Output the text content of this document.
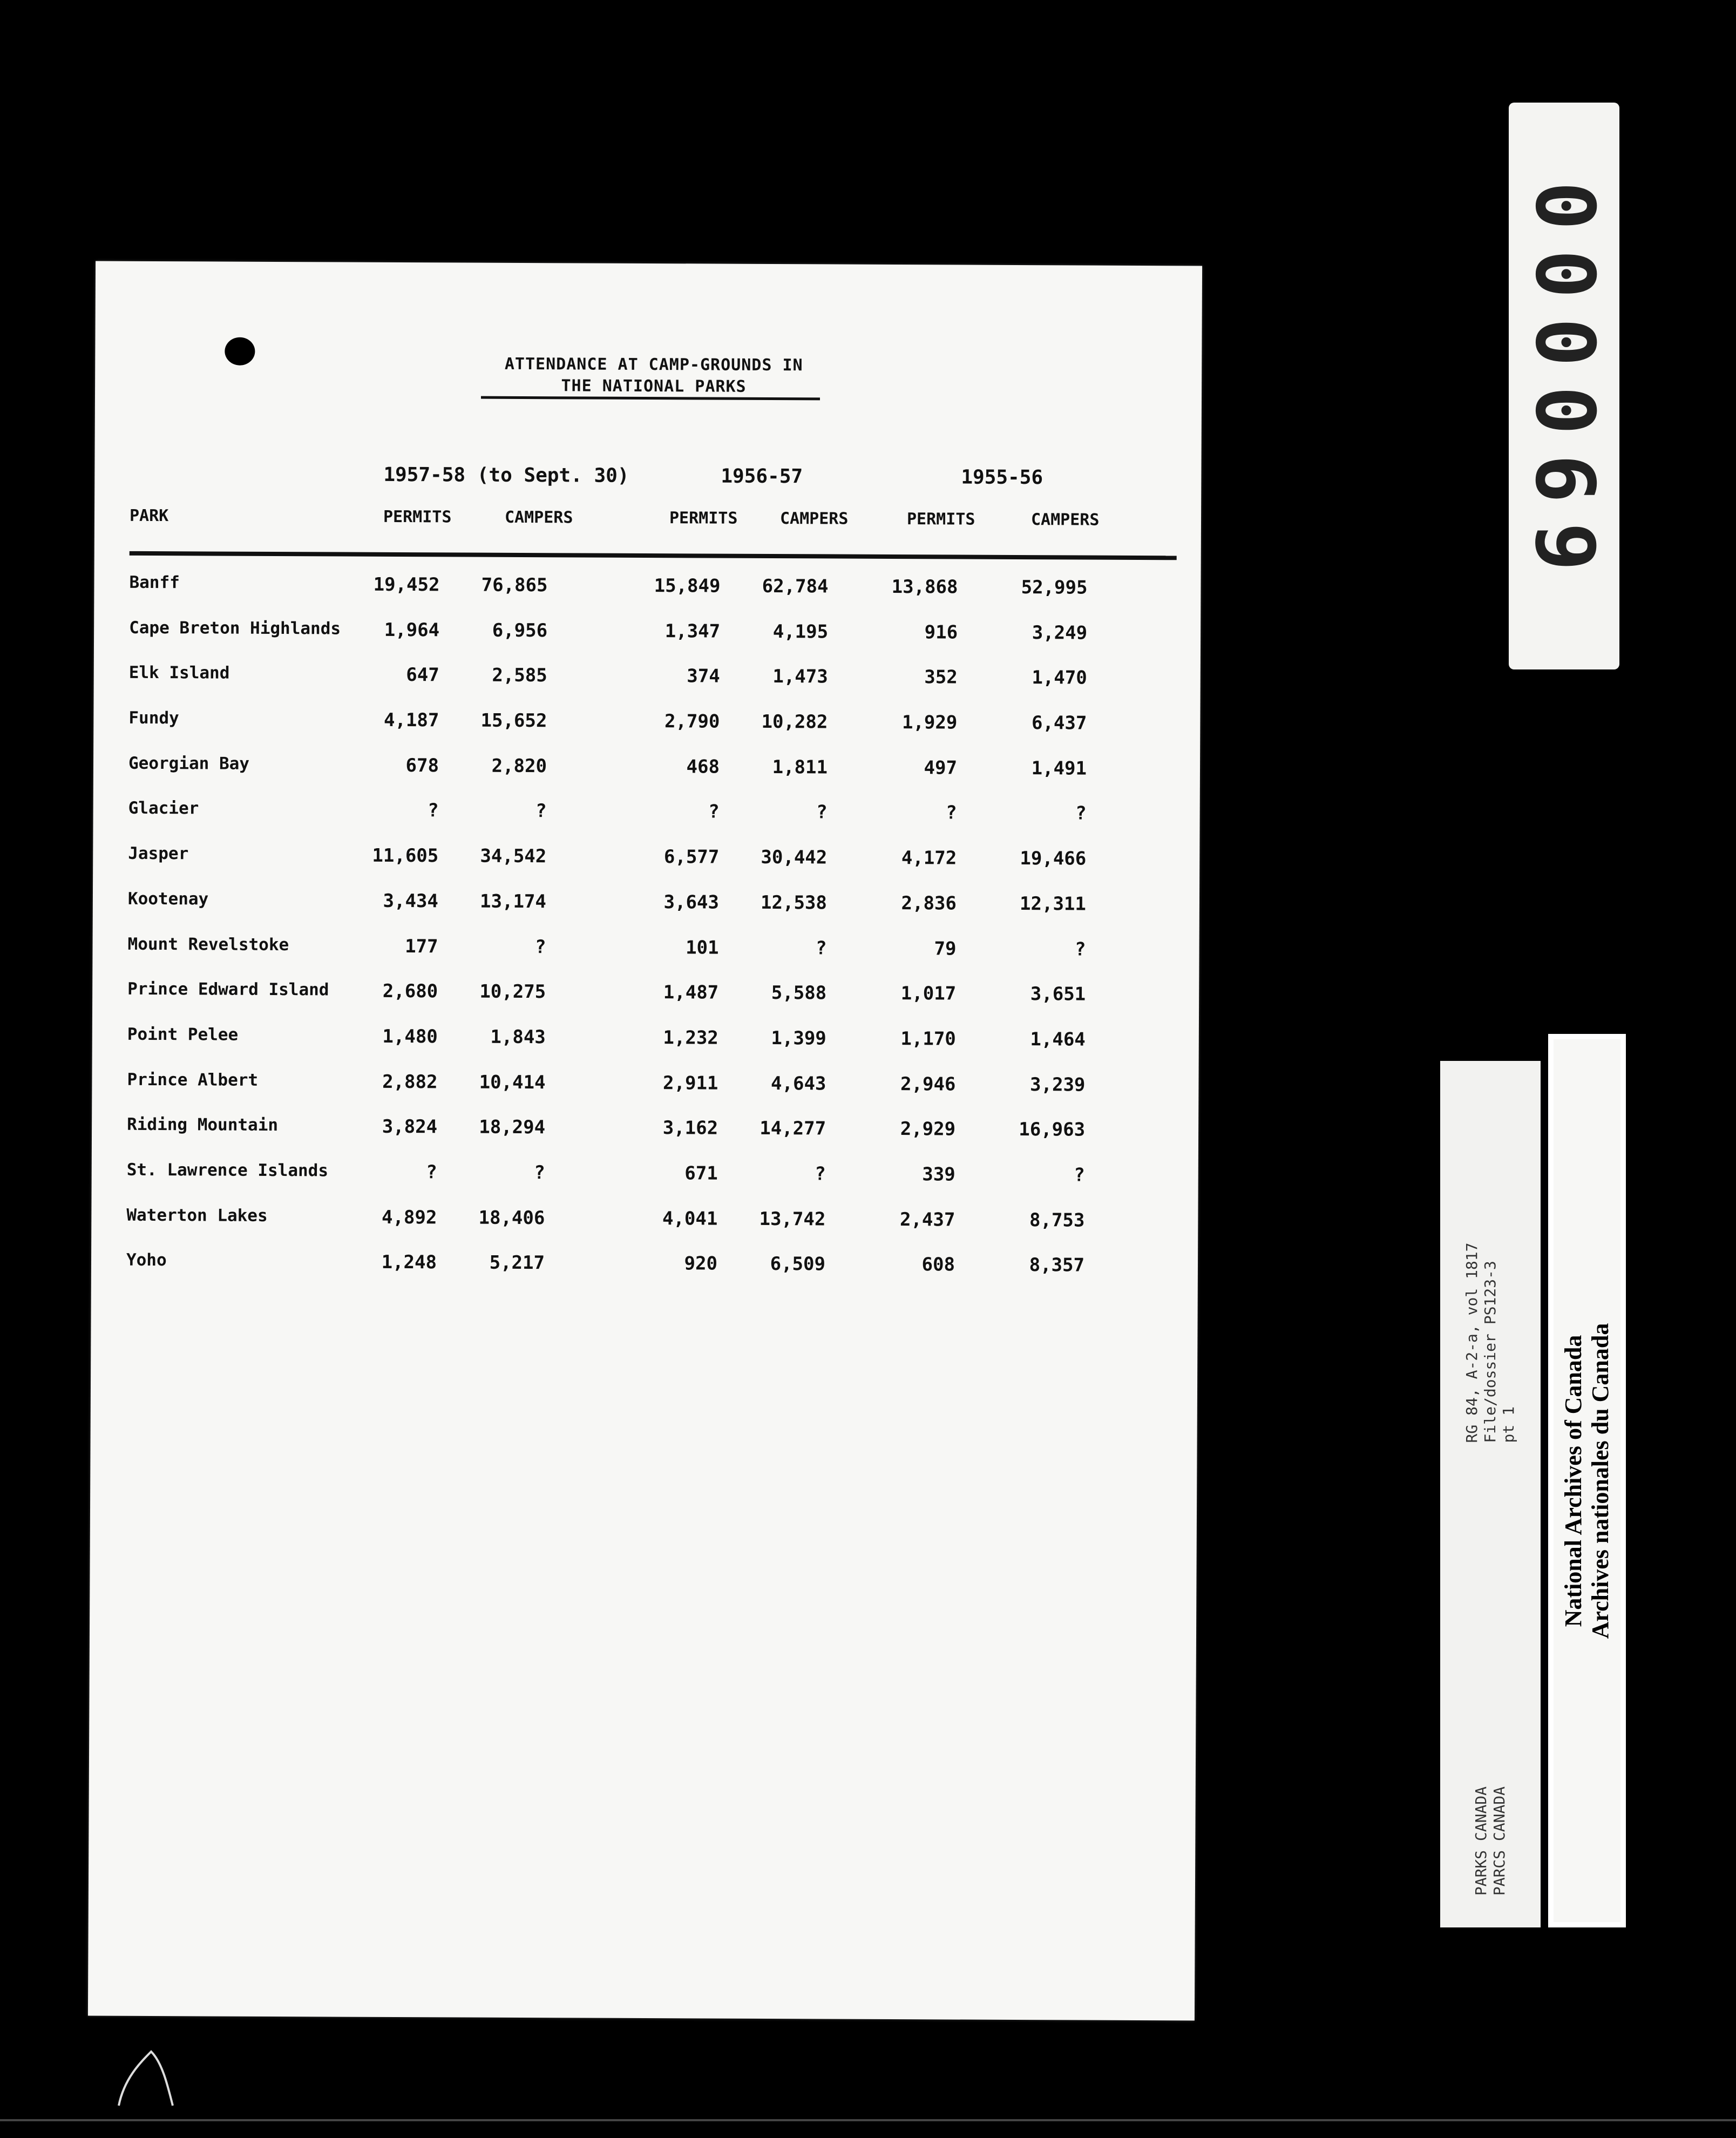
ATTENDANCE AT CAMP-GROUNDS IN
THE NATIONAL PARKS
1957-58 (to Sept. 30)	1956-57	1955-56
PARK	PERMITS	CAMPERS	PERMITS	CAMPERS	PERMITS	CAMPERS
Banff	19,452	76,865	15,849	62,784	13,868	52,995
Cape Breton Highlands	1,964	6,956	1,347	4,195	916	3,249
Elk Island	647	2,585	374	1,473	352	1,470
Fundy	4,187	15,652	2,790	10,282	1,929	6,437
Georgian Bay	678	2,820	468	1,811	497	1,491
Glacier	?	?	?	?	?	?
Jasper	11,605	34,542	6,577	30,442	4,172	19,466
Kootenay	3,434	13,174	3,643	12,538	2,836	12,311
Mount Revelstoke	177	?	101	?	79	?
Prince Edward Island	2,680	10,275	1,487	5,588	1,017	3,651
Point Pelee	1,480	1,843	1,232	1,399	1,170	1,464
Prince Albert	2,882	10,414	2,911	4,643	2,946	3,239
Riding Mountain	3,824	18,294	3,162	14,277	2,929	16,963
St. Lawrence Islands	?	?	671	?	339	?
Waterton Lakes	4,892	18,406	4,041	13,742	2,437	8,753
Yoho	1,248	5,217	920	6,509	608	8,357
000069
RG 84, A-2-a, vol 1817 File/dossier PS123-3 pt 1
PARKS CANADA PARCS CANADA
National Archives of Canada Archives nationales du Canada
